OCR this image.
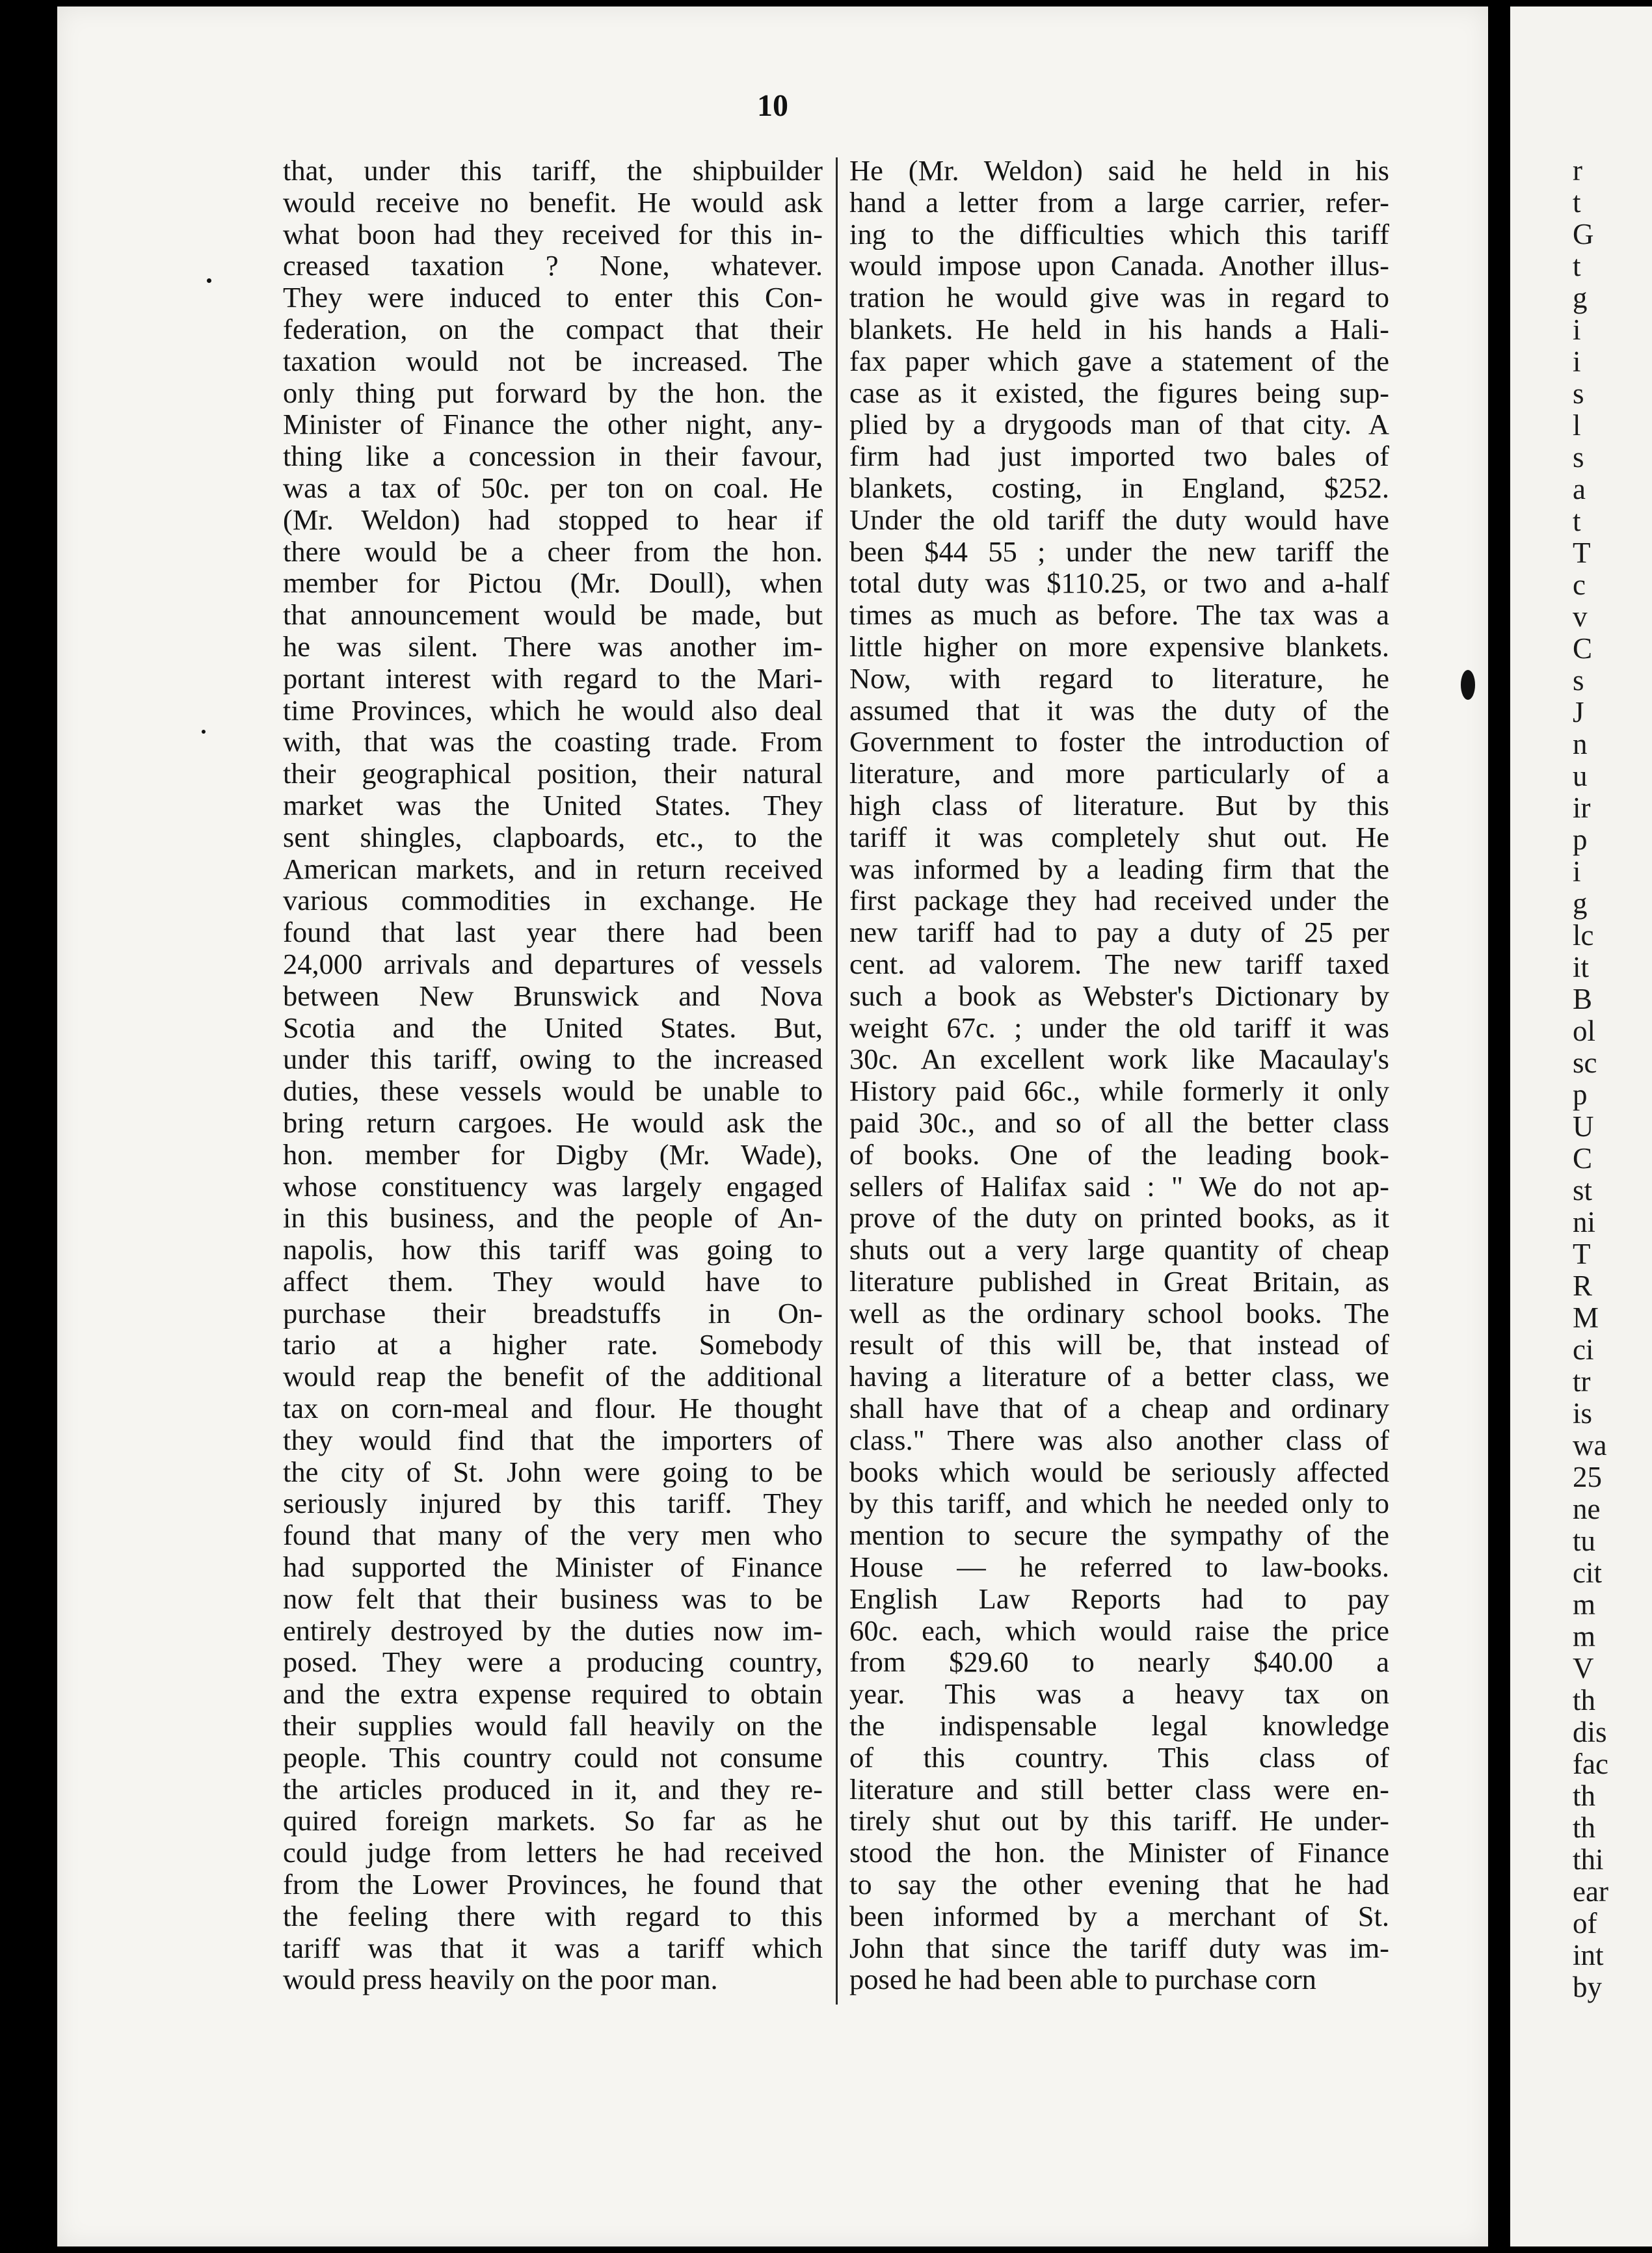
10

that, under this tariff, the shipbuilder

would receive no benefit. He would ask

what boon had they received for this in-

creased taxation ? None, whatever.

They were induced to enter this Con-

federation, on the compact that their

taxation would not be increased. The

only thing put forward by the hon. the

Minister of Finance the other night, any-

thing like a concession in their favour,

was a tax of 50c. per ton on coal. He

(Mr. Weldon) had stopped to hear if

there would be a cheer from the hon.

member for Pictou (Mr. Doull), when

that announcement would be made, but

he was silent. There was another im-

portant interest with regard to the Mari-

time Provinces, which he would also deal

with, that was the coasting trade. From

their geographical position, their natural

market was the United States. They

sent shingles, clapboards, etc., to the

American markets, and in return received

various commodities in exchange. He

found that last year there had been

24,000 arrivals and departures of vessels

between New Brunswick and Nova

Scotia and the United States. But,

under this tariff, owing to the increased

duties, these vessels would be unable to

bring return cargoes. He would ask the

hon. member for Digby (Mr. Wade),

whose constituency was largely engaged

in this business, and the people of An-

napolis, how this tariff was going to

affect them. They would have to

purchase their breadstuffs in On-

tario at a higher rate. Somebody

would reap the benefit of the additional

tax on corn-meal and flour. He thought

they would find that the importers of

the city of St. John were going to be

seriously injured by this tariff. They

found that many of the very men who

had supported the Minister of Finance

now felt that their business was to be

entirely destroyed by the duties now im-

posed. They were a producing country,

and the extra expense required to obtain

their supplies would fall heavily on the

people. This country could not consume

the articles produced in it, and they re-

quired foreign markets. So far as he

could judge from letters he had received

from the Lower Provinces, he found that

the feeling there with regard to this

tariff was that it was a tariff which

would press heavily on the poor man.

He (Mr. Weldon) said he held in his

hand a letter from a large carrier, refer-

ing to the difficulties which this tariff

would impose upon Canada. Another illus-

tration he would give was in regard to

blankets. He held in his hands a Hali-

fax paper which gave a statement of the

case as it existed, the figures being sup-

plied by a drygoods man of that city. A

firm had just imported two bales of

blankets, costing, in England, $252.

Under the old tariff the duty would have

been $44 55 ; under the new tariff the

total duty was $110.25, or two and a-half

times as much as before. The tax was a

little higher on more expensive blankets.

Now, with regard to literature, he

assumed that it was the duty of the

Government to foster the introduction of

literature, and more particularly of a

high class of literature. But by this

tariff it was completely shut out. He

was informed by a leading firm that the

first package they had received under the

new tariff had to pay a duty of 25 per

cent. ad valorem. The new tariff taxed

such a book as Webster's Dictionary by

weight 67c. ; under the old tariff it was

30c. An excellent work like Macaulay's

History paid 66c., while formerly it only

paid 30c., and so of all the better class

of books. One of the leading book-

sellers of Halifax said : " We do not ap-

prove of the duty on printed books, as it

shuts out a very large quantity of cheap

literature published in Great Britain, as

well as the ordinary school books. The

result of this will be, that instead of

having a literature of a better class, we

shall have that of a cheap and ordinary

class." There was also another class of

books which would be seriously affected

by this tariff, and which he needed only to

mention to secure the sympathy of the

House — he referred to law-books.

English Law Reports had to pay

60c. each, which would raise the price

from $29.60 to nearly $40.00 a

year. This was a heavy tax on

the indispensable legal knowledge

of this country. This class of

literature and still better class were en-

tirely shut out by this tariff. He under-

stood the hon. the Minister of Finance

to say the other evening that he had

been informed by a merchant of St.

John that since the tariff duty was im-

posed he had been able to purchase corn

r
t
G
t
g
i
i
s
l
s
a
t
T
c
v
C
s
J
n
u
ir
p
i
g
lc
it
B
ol
sc
p
U
C
st
ni
T
R
M
ci
tr
is
wa
25
ne
tu
cit
m
m
V
th
dis
fac
th
th
thi
ear
of
int
by
